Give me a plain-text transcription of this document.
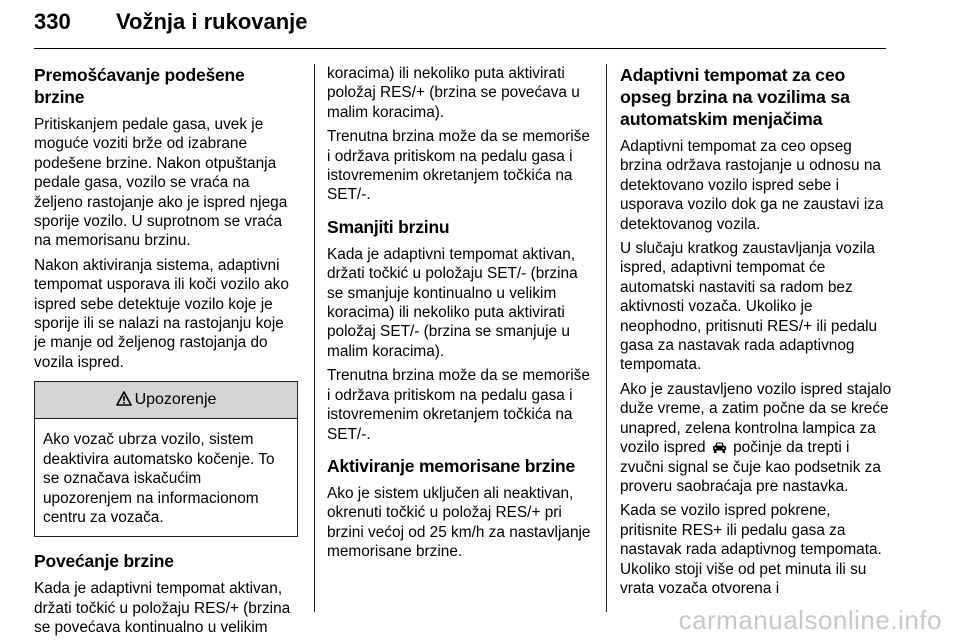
330 Vožnja i rukovanje
Premošćavanje podešene brzine

Pritiskanjem pedale gasa, uvek je moguće voziti brže od izabrane podešene brzine. Nakon otpuštanja pedale gasa, vozilo se vraća na željeno rastojanje ako je ispred njega sporije vozilo. U suprotnom se vraća na memorisanu brzinu.

Nakon aktiviranja sistema, adaptivni tempomat usporava ili koči vozilo ako ispred sebe detektuje vozilo koje je sporije ili se nalazi na rastojanju koje je manje od željenog rastojanja do vozila ispred.

Upozorenje

Ako vozač ubrza vozilo, sistem deaktivira automatsko kočenje. To se označava iskačućim upozorenjem na informacionom centru za vozača.

Povećanje brzine

Kada je adaptivni tempomat aktivan, držati točkić u položaju RES/+ (brzina se povećava kontinualno u velikim

koracima) ili nekoliko puta aktivirati položaj RES/+ (brzina se povećava u malim koracima).

Trenutna brzina može da se memoriše i održava pritiskom na pedalu gasa i istovremenim okretanjem točkića na SET/-.

Smanjiti brzinu

Kada je adaptivni tempomat aktivan, držati točkić u položaju SET/- (brzina se smanjuje kontinualno u velikim koracima) ili nekoliko puta aktivirati položaj SET/- (brzina se smanjuje u malim koracima).

Trenutna brzina može da se memoriše i održava pritiskom na pedalu gasa i istovremenim okretanjem točkića na SET/-.

Aktiviranje memorisane brzine

Ako je sistem uključen ali neaktivan, okrenuti točkić u položaj RES/+ pri brzini većoj od 25 km/h za nastavljanje memorisane brzine.

Adaptivni tempomat za ceo opseg brzina na vozilima sa automatskim menjačima

Adaptivni tempomat za ceo opseg brzina održava rastojanje u odnosu na detektovano vozilo ispred sebe i usporava vozilo dok ga ne zaustavi iza detektovanog vozila.

U slučaju kratkog zaustavljanja vozila ispred, adaptivni tempomat će automatski nastaviti sa radom bez aktivnosti vozača. Ukoliko je neophodno, pritisnuti RES/+ ili pedalu gasa za nastavak rada adaptivnog tempomata.

Ako je zaustavljeno vozilo ispred stajalo duže vreme, a zatim počne da se kreće unapred, zelena kontrolna lampica za vozilo ispred počinje da trepti i zvučni signal se čuje kao podsetnik za proveru saobraćaja pre nastavka.

Kada se vozilo ispred pokrene, pritisnite RES+ ili pedalu gasa za nastavak rada adaptivnog tempomata. Ukoliko stoji više od pet minuta ili su vrata vozača otvorena i

carmanualsonline.info
